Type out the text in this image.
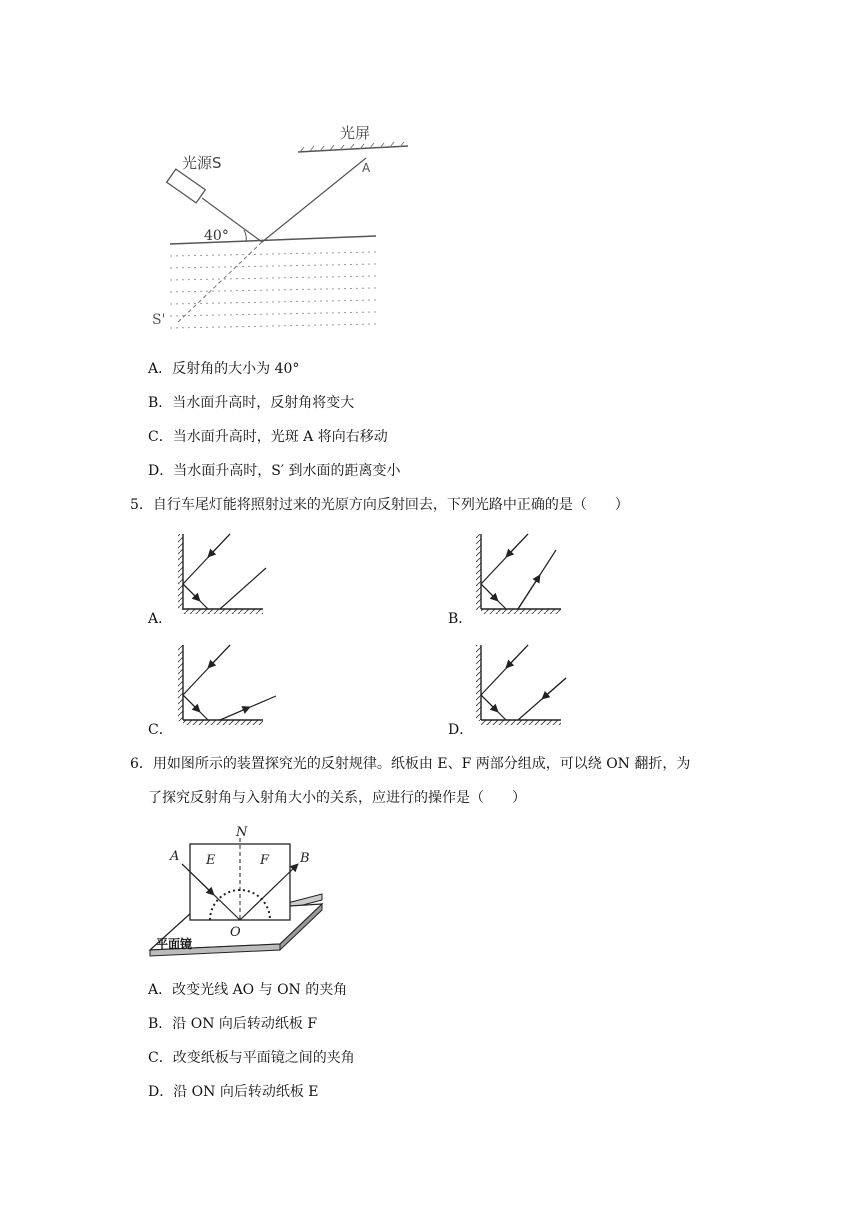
光屏
A
光源S
40°
S'
A．反射角的大小为 40°
B．当水面升高时，反射角将变大
C．当水面升高时，光斑 A 将向右移动
D．当水面升高时，S′ 到水面的距离变小
5．自行车尾灯能将照射过来的光原方向反射回去，下列光路中正确的是（　　）
A．	B．
C．	D．
6．用如图所示的装置探究光的反射规律。纸板由 E、F 两部分组成，可以绕 ON 翻折，为
了探究反射角与入射角大小的关系，应进行的操作是（　　）
N
E	F
A	B
O
平面镜
A．改变光线 AO 与 ON 的夹角
B．沿 ON 向后转动纸板 F
C．改变纸板与平面镜之间的夹角
D．沿 ON 向后转动纸板 E
